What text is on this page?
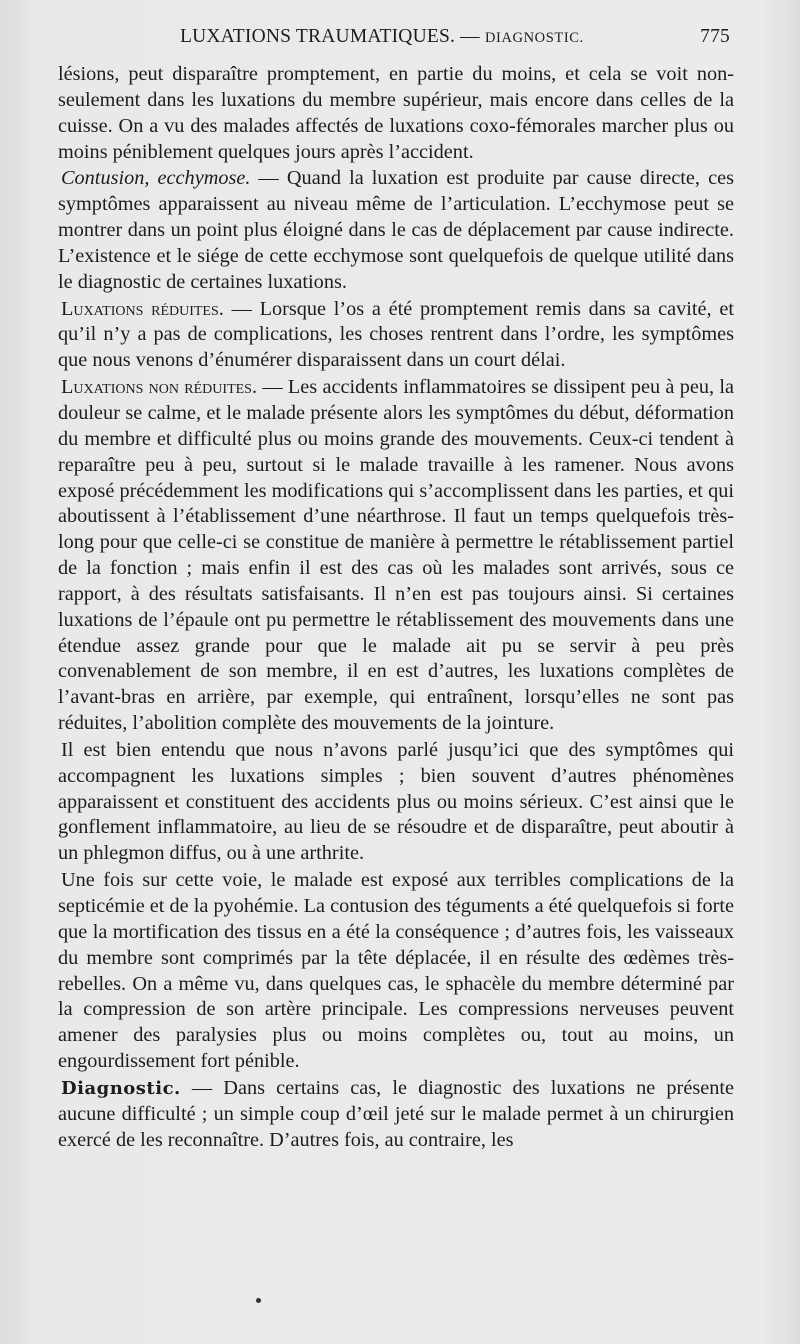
LUXATIONS TRAUMATIQUES. — DIAGNOSTIC.	775

lésions, peut disparaître promptement, en partie du moins, et cela se voit non-seulement dans les luxations du membre supérieur, mais encore dans celles de la cuisse. On a vu des malades affectés de luxations coxo-fémorales marcher plus ou moins péniblement quelques jours après l’accident.

Contusion, ecchymose. — Quand la luxation est produite par cause directe, ces symptômes apparaissent au niveau même de l’articulation. L’ecchymose peut se montrer dans un point plus éloigné dans le cas de déplacement par cause indirecte. L’existence et le siége de cette ecchymose sont quelquefois de quelque utilité dans le diagnostic de certaines luxations.

Luxations réduites. — Lorsque l’os a été promptement remis dans sa cavité, et qu’il n’y a pas de complications, les choses rentrent dans l’ordre, les symptômes que nous venons d’énumérer disparaissent dans un court délai.

Luxations non réduites. — Les accidents inflammatoires se dissipent peu à peu, la douleur se calme, et le malade présente alors les symptômes du début, déformation du membre et difficulté plus ou moins grande des mouvements. Ceux-ci tendent à reparaître peu à peu, surtout si le malade travaille à les ramener. Nous avons exposé précédemment les modifications qui s’accomplissent dans les parties, et qui aboutissent à l’établissement d’une néarthrose. Il faut un temps quelquefois très-long pour que celle-ci se constitue de manière à permettre le rétablissement partiel de la fonction ; mais enfin il est des cas où les malades sont arrivés, sous ce rapport, à des résultats satisfaisants. Il n’en est pas toujours ainsi. Si certaines luxations de l’épaule ont pu permettre le rétablissement des mouvements dans une étendue assez grande pour que le malade ait pu se servir à peu près convenablement de son membre, il en est d’autres, les luxations complètes de l’avant-bras en arrière, par exemple, qui entraînent, lorsqu’elles ne sont pas réduites, l’abolition complète des mouvements de la jointure.

Il est bien entendu que nous n’avons parlé jusqu’ici que des symptômes qui accompagnent les luxations simples ; bien souvent d’autres phénomènes apparaissent et constituent des accidents plus ou moins sérieux. C’est ainsi que le gonflement inflammatoire, au lieu de se résoudre et de disparaître, peut aboutir à un phlegmon diffus, ou à une arthrite.

Une fois sur cette voie, le malade est exposé aux terribles complications de la septicémie et de la pyohémie. La contusion des téguments a été quelquefois si forte que la mortification des tissus en a été la conséquence ; d’autres fois, les vaisseaux du membre sont comprimés par la tête déplacée, il en résulte des œdèmes très-rebelles. On a même vu, dans quelques cas, le sphacèle du membre déterminé par la compression de son artère principale. Les compressions nerveuses peuvent amener des paralysies plus ou moins complètes ou, tout au moins, un engourdissement fort pénible.

Diagnostic. — Dans certains cas, le diagnostic des luxations ne présente aucune difficulté ; un simple coup d’œil jeté sur le malade permet à un chirurgien exercé de les reconnaître. D’autres fois, au contraire, les
